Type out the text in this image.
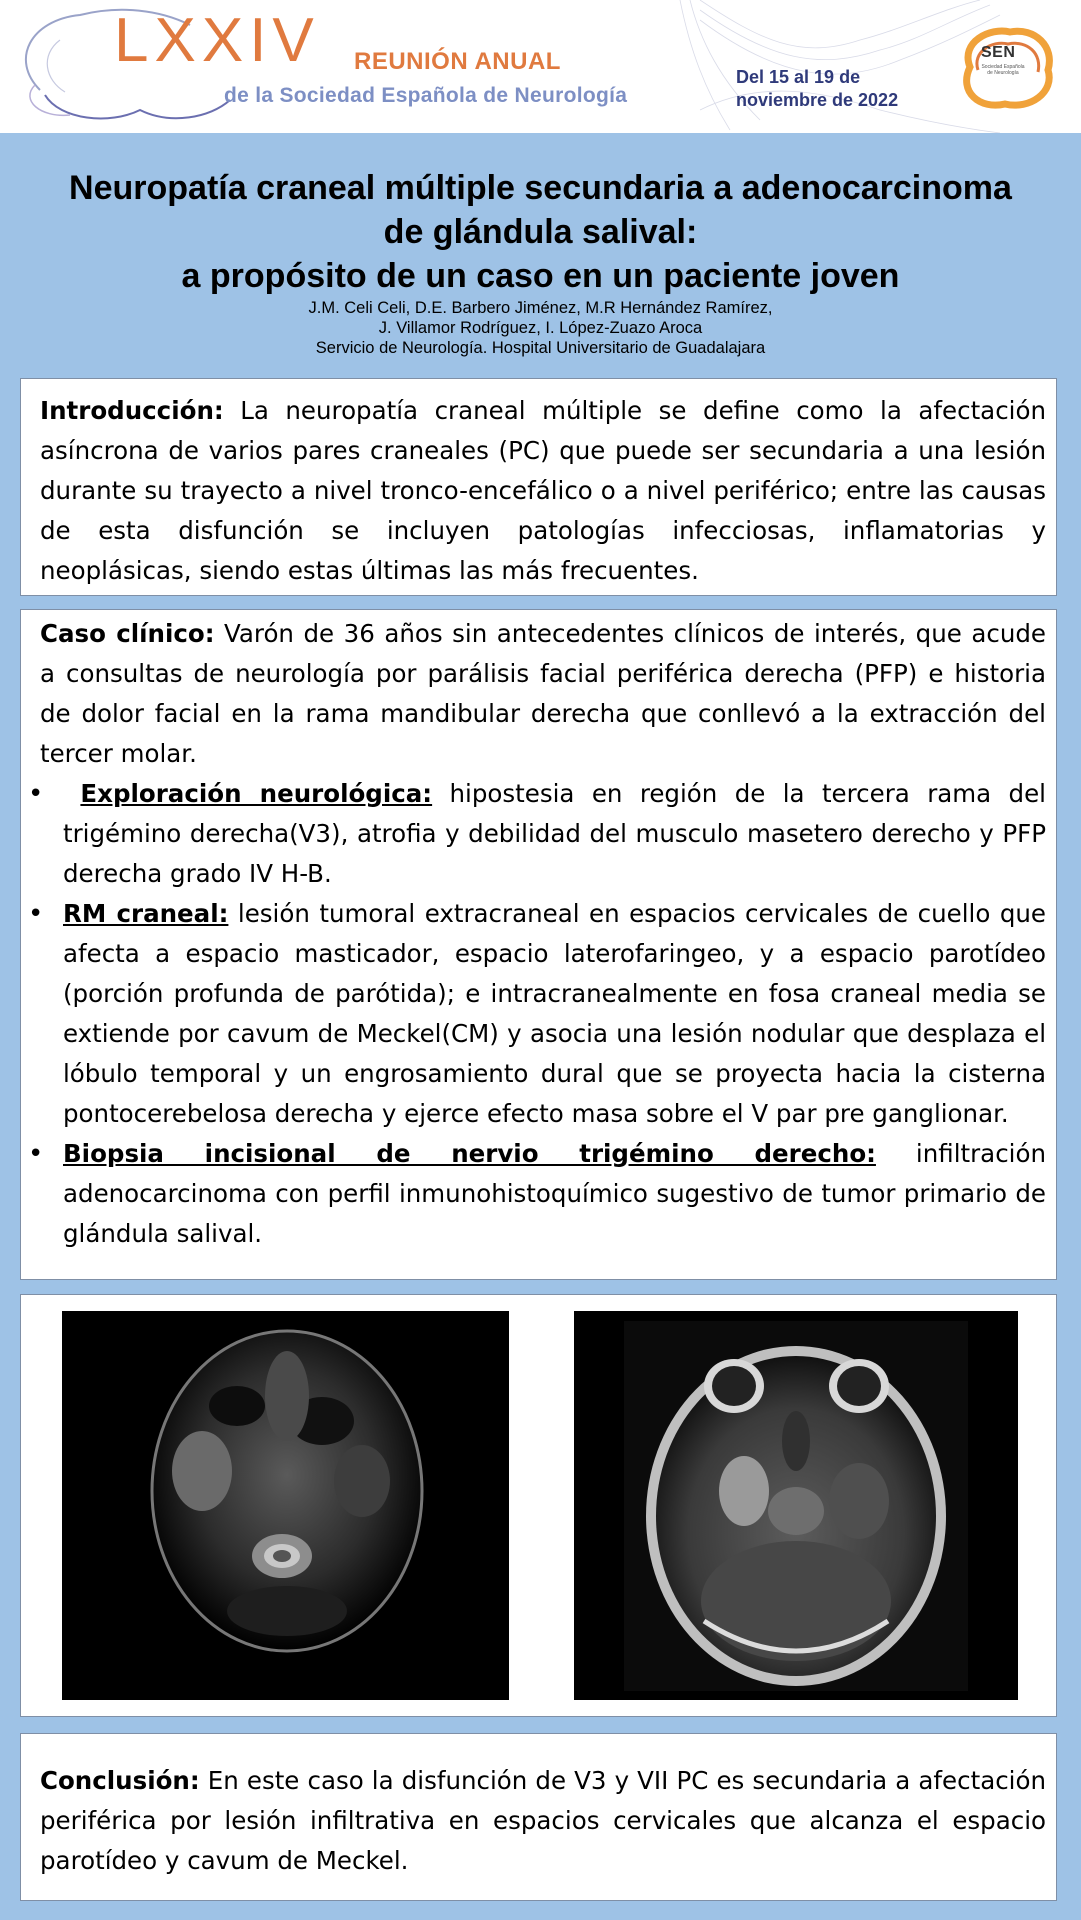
LXXIV REUNIÓN ANUAL
de la Sociedad Española de Neurología
Del 15 al 19 de
noviembre de 2022
SEN
Sociedad Española de Neurología
Neuropatía craneal múltiple secundaria a adenocarcinoma
de glándula salival:
a propósito de un caso en un paciente joven
J.M. Celi Celi, D.E. Barbero Jiménez, M.R Hernández Ramírez,
J. Villamor Rodríguez, I. López-Zuazo Aroca
Servicio de Neurología. Hospital Universitario de Guadalajara
Introducción: La neuropatía craneal múltiple se define como la afectación asíncrona de varios pares craneales (PC) que puede ser secundaria a una lesión durante su trayecto a nivel tronco-encefálico o a nivel periférico; entre las causas de esta disfunción se incluyen patologías infecciosas, inflamatorias y neoplásicas, siendo estas últimas las más frecuentes.
Caso clínico: Varón de 36 años sin antecedentes clínicos de interés, que acude a consultas de neurología por parálisis facial periférica derecha (PFP) e historia de dolor facial en la rama mandibular derecha que conllevó a la extracción del tercer molar.
• Exploración neurológica: hipostesia en región de la tercera rama del trigémino derecha(V3), atrofia y debilidad del musculo masetero derecho y PFP derecha grado IV H-B.
• RM craneal: lesión tumoral extracraneal en espacios cervicales de cuello que afecta a espacio masticador, espacio laterofaringeo, y a espacio parotídeo (porción profunda de parótida); e intracranealmente en fosa craneal media se extiende por cavum de Meckel(CM) y asocia una lesión nodular que desplaza el lóbulo temporal y un engrosamiento dural que se proyecta hacia la cisterna pontocerebelosa derecha y ejerce efecto masa sobre el V par pre ganglionar.
• Biopsia incisional de nervio trigémino derecho: infiltración adenocarcinoma con perfil inmunohistoquímico sugestivo de tumor primario de glándula salival.
Conclusión: En este caso la disfunción de V3 y VII PC es secundaria a afectación periférica por lesión infiltrativa en espacios cervicales que alcanza el espacio parotídeo y cavum de Meckel.
